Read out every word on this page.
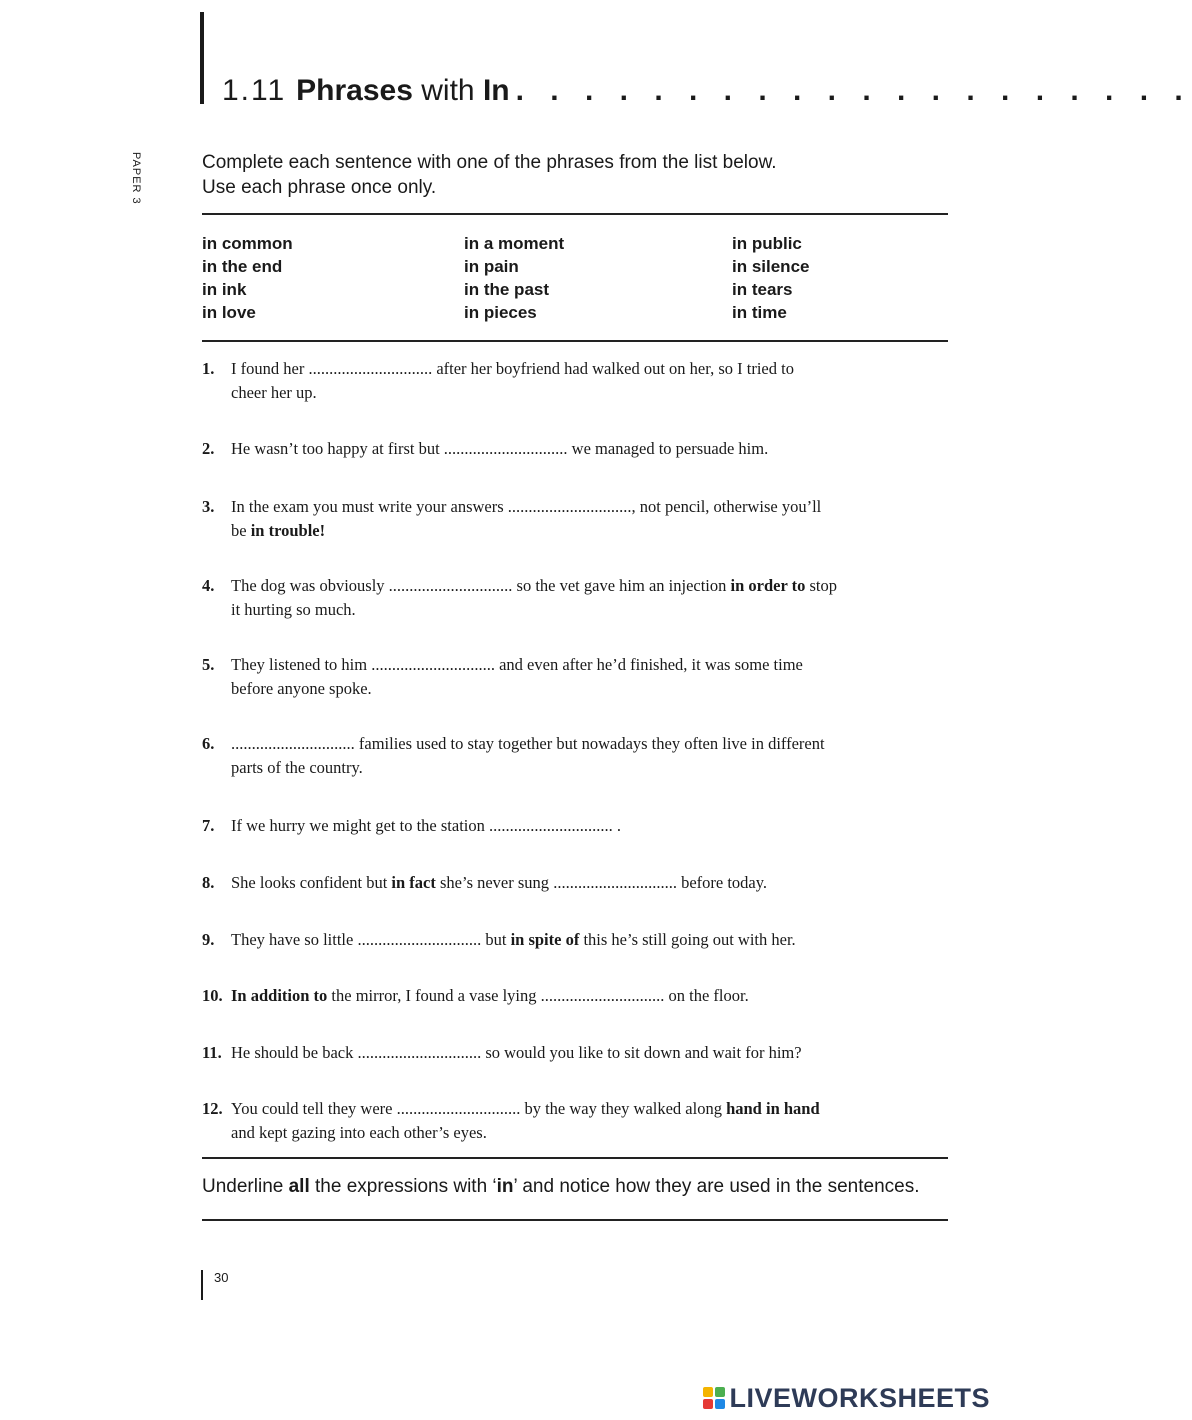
1.11 Phrases with In . . . . . . . . . . . . . . . . . . . .
PAPER 3	Complete each sentence with one of the phrases from the list below.
Use each phrase once only.
in common
in the end
in ink
in love
in a moment
in pain
in the past
in pieces
in public
in silence
in tears
in time
1. I found her .............................. after her boyfriend had walked out on her, so I tried to
cheer her up.
2. He wasn’t too happy at first but .............................. we managed to persuade him.
3. In the exam you must write your answers .............................., not pencil, otherwise you’ll
be in trouble!
4. The dog was obviously .............................. so the vet gave him an injection in order to stop
it hurting so much.
5. They listened to him .............................. and even after he’d finished, it was some time
before anyone spoke.
6. .............................. families used to stay together but nowadays they often live in different
parts of the country.
7. If we hurry we might get to the station .............................. .
8. She looks confident but in fact she’s never sung .............................. before today.
9. They have so little .............................. but in spite of this he’s still going out with her.
10. In addition to the mirror, I found a vase lying .............................. on the floor.
11. He should be back .............................. so would you like to sit down and wait for him?
12. You could tell they were .............................. by the way they walked along hand in hand
and kept gazing into each other’s eyes.
Underline all the expressions with ‘in’ and notice how they are used in the sentences.
30
LIVEWORKSHEETS
